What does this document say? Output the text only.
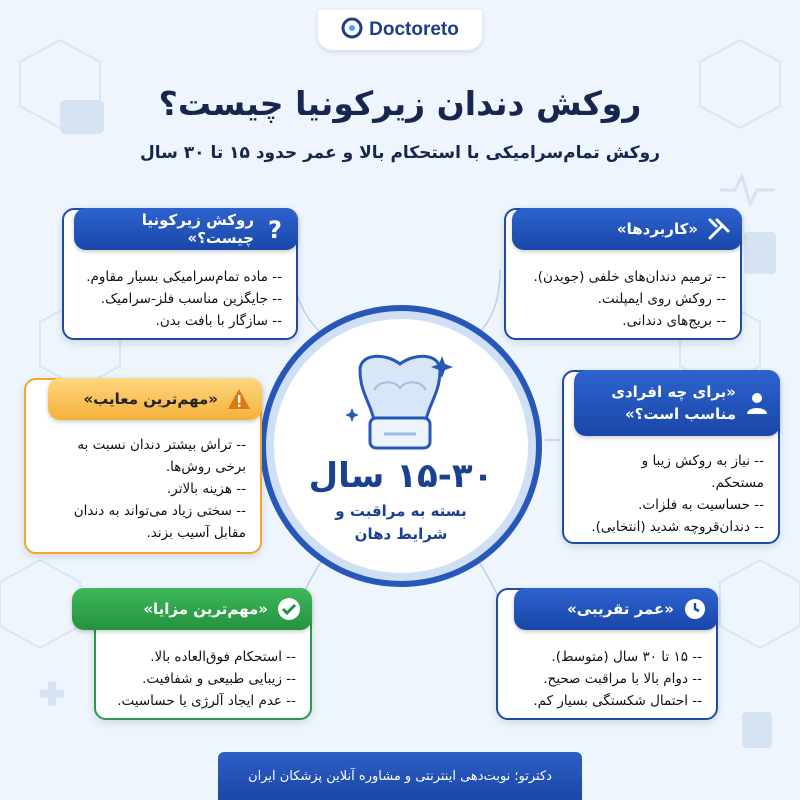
Doctoreto
روکش دندان زیرکونیا چیست؟
روکش تمام‌سرامیکی با استحکام بالا و عمر حدود ۱۵ تا ۳۰ سال
۱۵-۳۰ سال
بسته به مراقبت و
شرایط دهان
?
روکش زیرکونیا چیست؟»
-- ماده تمام‌سرامیکی بسیار مقاوم.
-- جایگزین مناسب فلز-سرامیک.
-- سازگار با بافت بدن.
«کاربردها»
-- ترمیم دندان‌های خلفی (جویدن).
-- روکش روی ایمپلنت.
-- بریج‌های دندانی.
«مهم‌ترین معایب»
-- تراش بیشتر دندان نسبت به
برخی روش‌ها.
-- هزینه بالاتر.
-- سختی زیاد می‌تواند به دندان
مقابل آسیب بزند.
«برای چه افرادی
مناسب است؟»
-- نیاز به روکش زیبا و
مستحکم.
-- حساسیت به فلزات.
-- دندان‌قروچه شدید (انتخابی).
«مهم‌ترین مزایا»
-- استحکام فوق‌العاده بالا.
-- زیبایی طبیعی و شفافیت.
-- عدم ایجاد آلرژی یا حساسیت.
«عمر تقریبی»
-- ۱۵ تا ۳۰ سال (متوسط).
-- دوام بالا با مراقبت صحیح.
-- احتمال شکستگی بسیار کم.
دکترتو؛ نوبت‌دهی اینترنتی و مشاوره آنلاین پزشکان ایران
